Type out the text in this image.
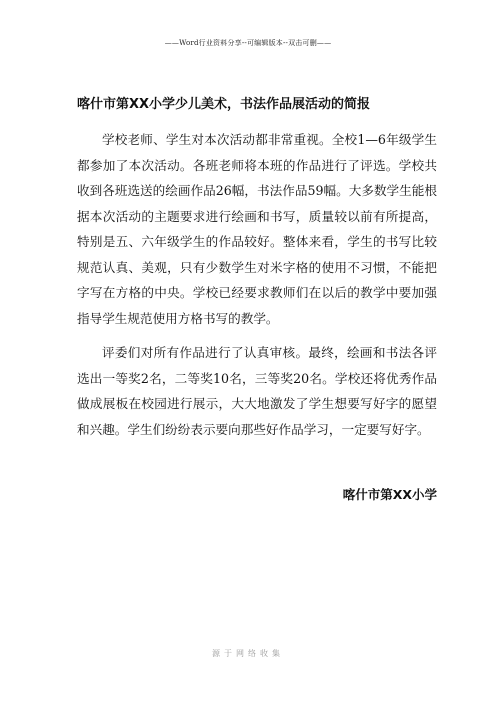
——Word行业资料分享--可编辑版本--双击可删——
喀什市第XX小学少儿美术，书法作品展活动的简报

学校老师、学生对本次活动都非常重视。全校1—6年级学生都参加了本次活动。各班老师将本班的作品进行了评选。学校共收到各班选送的绘画作品26幅，书法作品59幅。大多数学生能根据本次活动的主题要求进行绘画和书写，质量较以前有所提高，特别是五、六年级学生的作品较好。整体来看，学生的书写比较规范认真、美观，只有少数学生对米字格的使用不习惯，不能把字写在方格的中央。学校已经要求教师们在以后的教学中要加强指导学生规范使用方格书写的教学。

评委们对所有作品进行了认真审核。最终，绘画和书法各评选出一等奖2名，二等奖10名，三等奖20名。学校还将优秀作品做成展板在校园进行展示，大大地激发了学生想要写好字的愿望和兴趣。学生们纷纷表示要向那些好作品学习，一定要写好字。

喀什市第XX小学
源于网络收集
